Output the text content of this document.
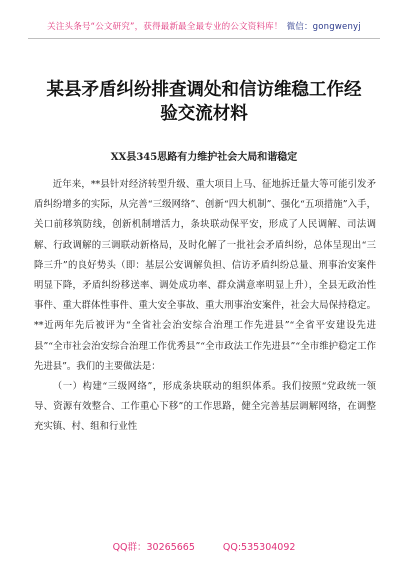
关注头条号“公文研究”，获得最新最全最专业的公文资料库！ 微信：gongwenyj
某县矛盾纠纷排查调处和信访维稳工作经验交流材料
XX县345思路有力维护社会大局和谐稳定

近年来，**县针对经济转型升级、重大项目上马、征地拆迁量大等可能引发矛盾纠纷增多的实际，从完善“三级网络”、创新“四大机制”、强化“五项措施”入手，关口前移筑防线，创新机制增活力，条块联动保平安，形成了人民调解、司法调解、行政调解的三调联动新格局，及时化解了一批社会矛盾纠纷，总体呈现出“三降三升”的良好势头（即：基层公安调解负担、信访矛盾纠纷总量、刑事治安案件明显下降，矛盾纠纷移送率、调处成功率、群众满意率明显上升），全县无政治性事件、重大群体性事件、重大安全事故、重大刑事治安案件，社会大局保持稳定。**近两年先后被评为“全省社会治安综合治理工作先进县”“全省平安建设先进县”“全市社会治安综合治理工作优秀县”“全市政法工作先进县”“全市维护稳定工作先进县”。我们的主要做法是：

（一）构建“三级网络”，形成条块联动的组织体系。我们按照“党政统一领导、资源有效整合、工作重心下移”的工作思路，健全完善基层调解网络，在调整充实镇、村、组和行业性

QQ群：30265665	QQ:535304092
